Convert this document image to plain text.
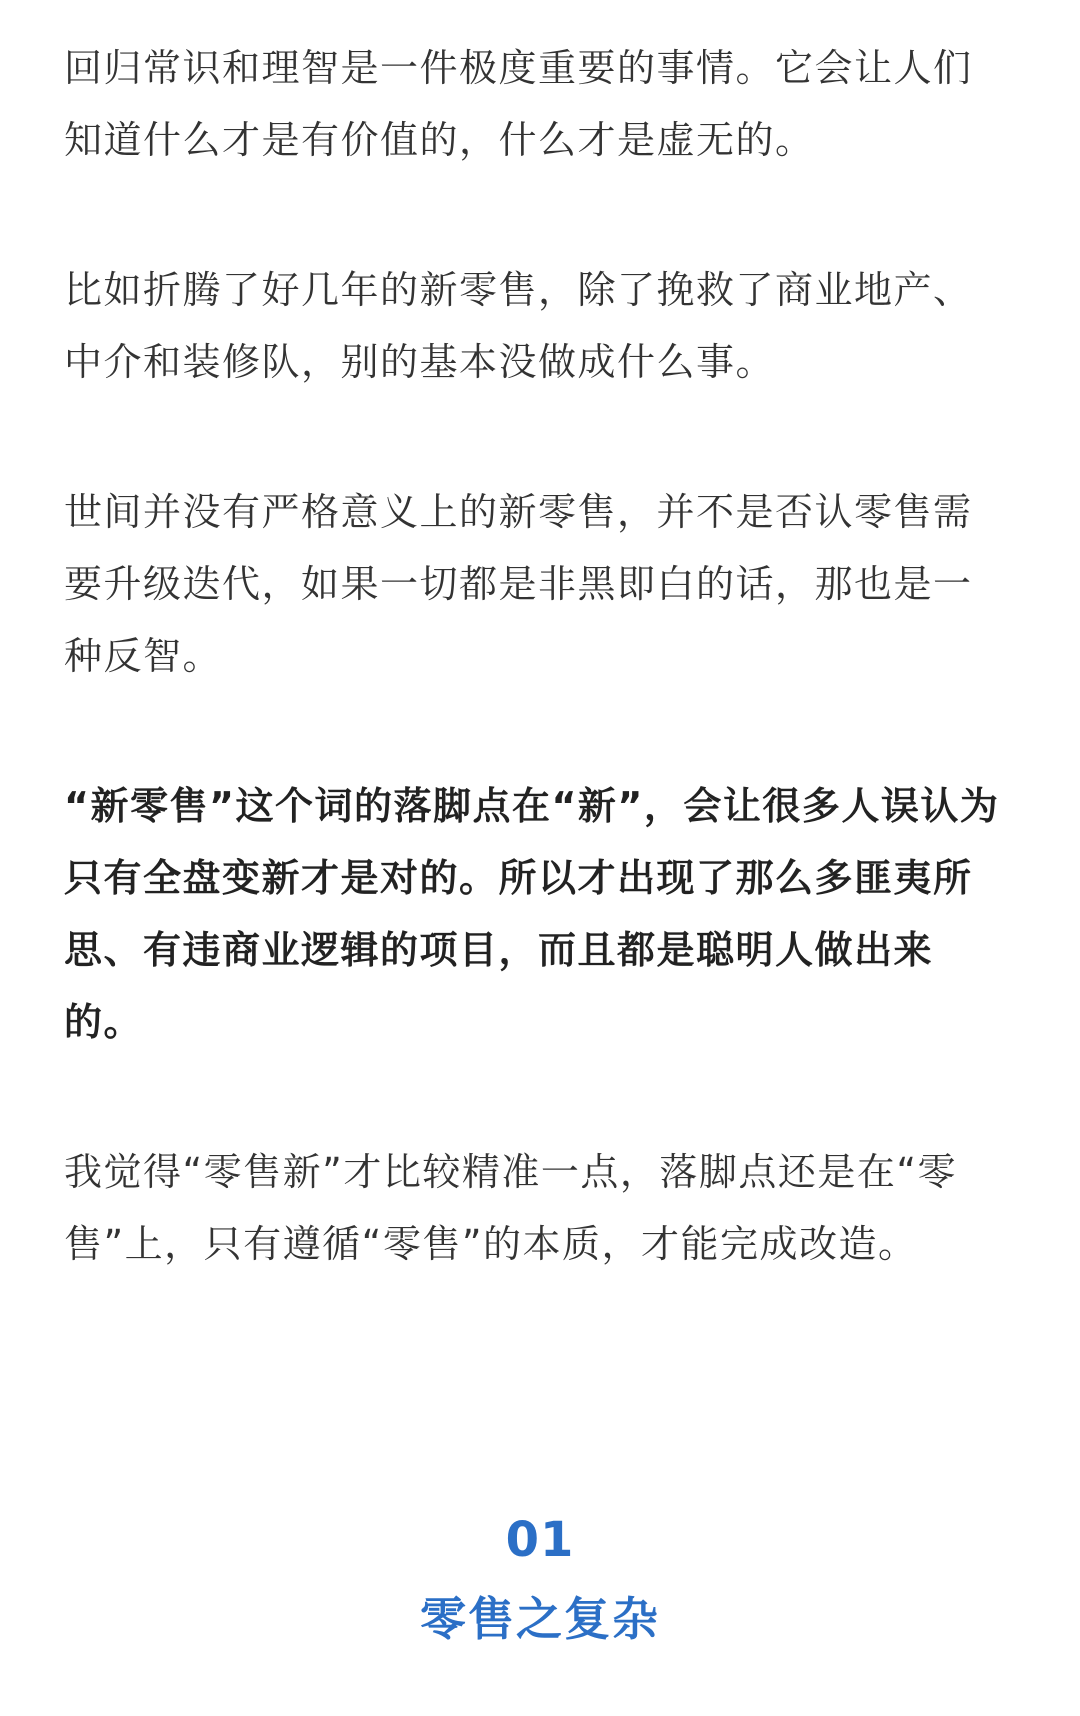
回归常识和理智是一件极度重要的事情。它会让人们知道什么才是有价值的，什么才是虚无的。

比如折腾了好几年的新零售，除了挽救了商业地产、中介和装修队，别的基本没做成什么事。

世间并没有严格意义上的新零售，并不是否认零售需要升级迭代，如果一切都是非黑即白的话，那也是一种反智。

“新零售”这个词的落脚点在“新”，会让很多人误认为只有全盘变新才是对的。所以才出现了那么多匪夷所思、有违商业逻辑的项目，而且都是聪明人做出来的。

我觉得“零售新”才比较精准一点，落脚点还是在“零售”上，只有遵循“零售”的本质，才能完成改造。

01
零售之复杂
